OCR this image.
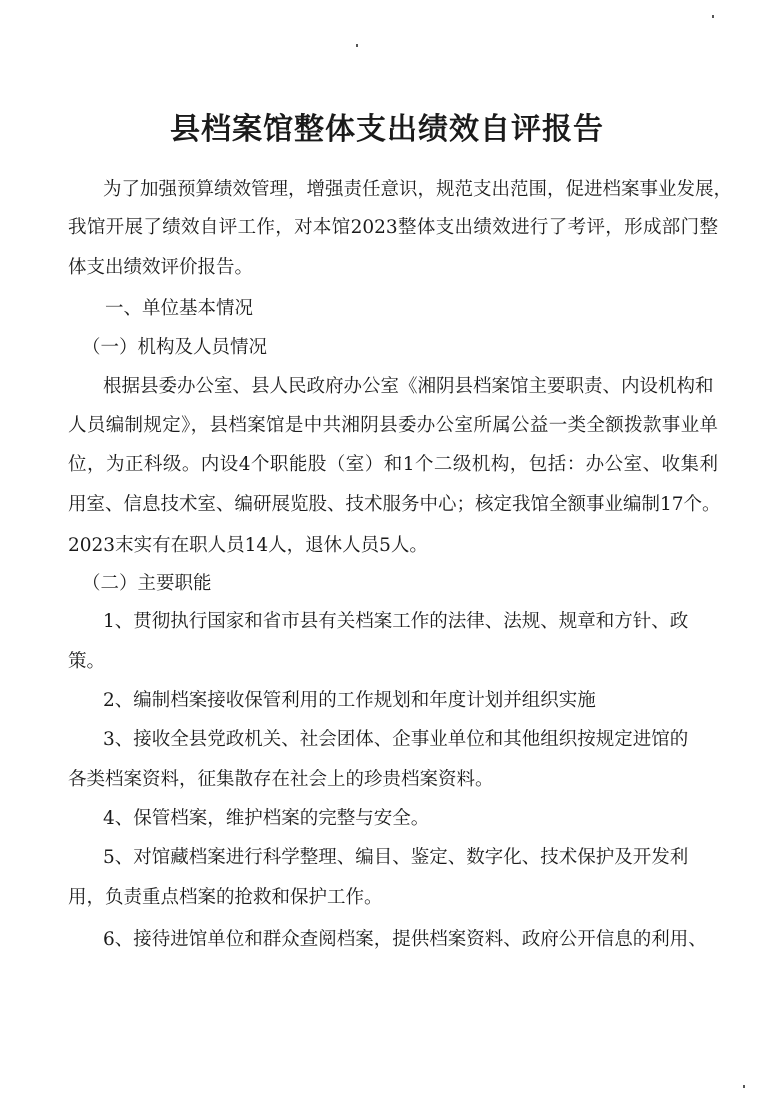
县档案馆整体支出绩效自评报告
为了加强预算绩效管理，增强责任意识，规范支出范围，促进档案事业发展，
我馆开展了绩效自评工作，对本馆2023整体支出绩效进行了考评，形成部门整
体支出绩效评价报告。
一、单位基本情况
（一）机构及人员情况
根据县委办公室、县人民政府办公室《湘阴县档案馆主要职责、内设机构和
人员编制规定》，县档案馆是中共湘阴县委办公室所属公益一类全额拨款事业单
位，为正科级。内设4个职能股（室）和1个二级机构，包括：办公室、收集利
用室、信息技术室、编研展览股、技术服务中心；核定我馆全额事业编制17个。
2023末实有在职人员14人，退休人员5人。
（二）主要职能
1、贯彻执行国家和省市县有关档案工作的法律、法规、规章和方针、政
策。
2、编制档案接收保管利用的工作规划和年度计划并组织实施
3、接收全县党政机关、社会团体、企事业单位和其他组织按规定进馆的
各类档案资料，征集散存在社会上的珍贵档案资料。
4、保管档案，维护档案的完整与安全。
5、对馆藏档案进行科学整理、编目、鉴定、数字化、技术保护及开发利
用，负责重点档案的抢救和保护工作。
6、接待进馆单位和群众查阅档案，提供档案资料、政府公开信息的利用、
